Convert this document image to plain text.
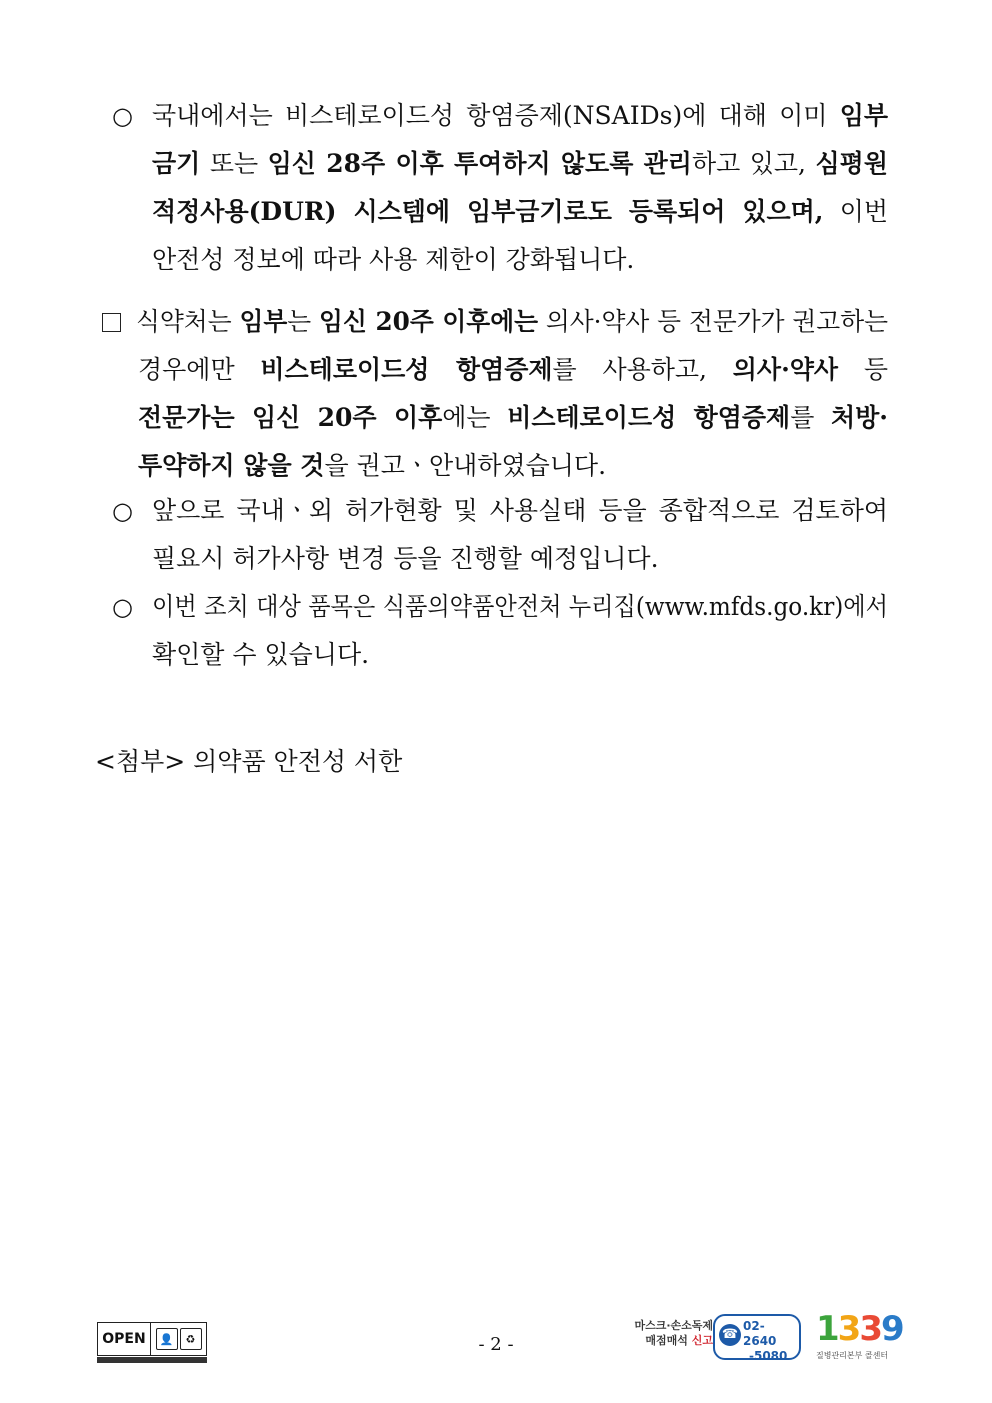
○ 국내에서는 비스테로이드성 항염증제(NSAIDs)에 대해 이미 임부
금기 또는 임신 28주 이후 투여하지 않도록 관리하고 있고, 심평원
적정사용(DUR) 시스템에 임부금기로도 등록되어 있으며, 이번
안전성 정보에 따라 사용 제한이 강화됩니다.
식약처는 임부는 임신 20주 이후에는 의사·약사 등 전문가가 권고하는
경우에만 비스테로이드성 항염증제를 사용하고, 의사·약사 등
전문가는 임신 20주 이후에는 비스테로이드성 항염증제를 처방·
투약하지 않을 것을 권고ㆍ안내하였습니다.
○ 앞으로 국내ㆍ외 허가현황 및 사용실태 등을 종합적으로 검토하여
필요시 허가사항 변경 등을 진행할 예정입니다.
○ 이번 조치 대상 품목은 식품의약품안전처 누리집(www.mfds.go.kr)에서
확인할 수 있습니다.
<첨부> 의약품 안전성 서한
OPEN	👤	♻	- 2 -
마스크·손소독제
매점매석 신고 ☎
02-2640
-5080
1339
질병관리본부 콜센터
